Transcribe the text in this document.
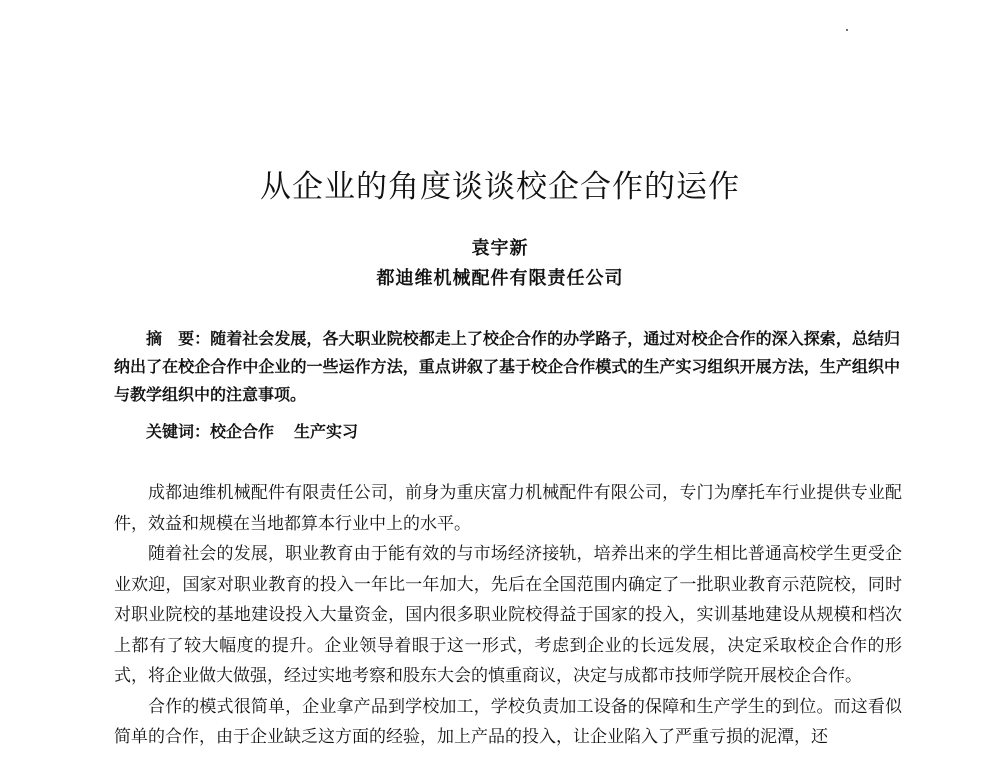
从企业的角度谈谈校企合作的运作
袁宇新
都迪维机械配件有限责任公司

摘　要：随着社会发展，各大职业院校都走上了校企合作的办学路子，通过对校企合作的深入探索，总结归纳出了在校企合作中企业的一些运作方法，重点讲叙了基于校企合作模式的生产实习组织开展方法，生产组织中与教学组织中的注意事项。

关键词：校企合作 生产实习

成都迪维机械配件有限责任公司，前身为重庆富力机械配件有限公司，专门为摩托车行业提供专业配件，效益和规模在当地都算本行业中上的水平。

随着社会的发展，职业教育由于能有效的与市场经济接轨，培养出来的学生相比普通高校学生更受企业欢迎，国家对职业教育的投入一年比一年加大，先后在全国范围内确定了一批职业教育示范院校，同时对职业院校的基地建设投入大量资金，国内很多职业院校得益于国家的投入，实训基地建设从规模和档次上都有了较大幅度的提升。企业领导着眼于这一形式，考虑到企业的长远发展，决定采取校企合作的形式，将企业做大做强，经过实地考察和股东大会的慎重商议，决定与成都市技师学院开展校企合作。

合作的模式很简单，企业拿产品到学校加工，学校负责加工设备的保障和生产学生的到位。而这看似简单的合作，由于企业缺乏这方面的经验，加上产品的投入，让企业陷入了严重亏损的泥潭，还
